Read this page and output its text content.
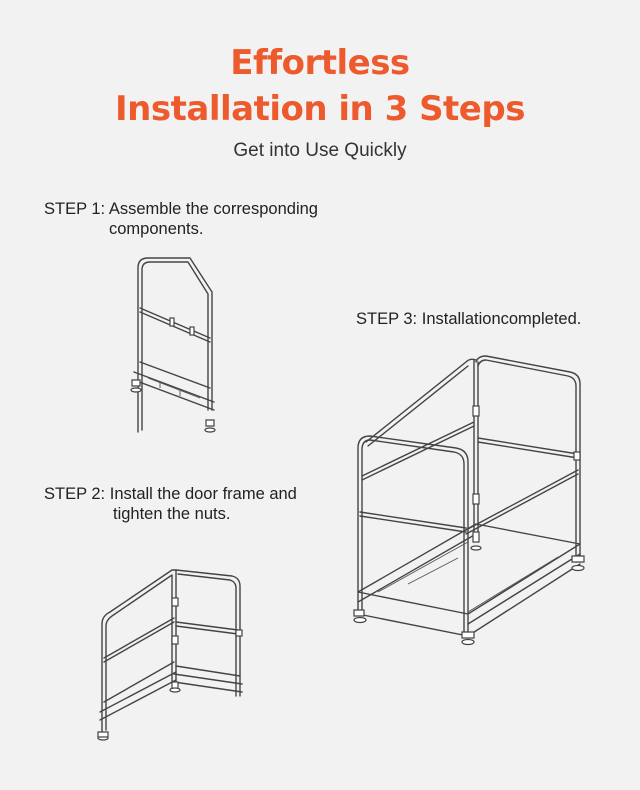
Effortless
Installation in 3 Steps
Get into Use Quickly
STEP 1: Assemble the corresponding
components.
STEP 2: Install the door frame and
tighten the nuts.
STEP 3: Installationcompleted.
